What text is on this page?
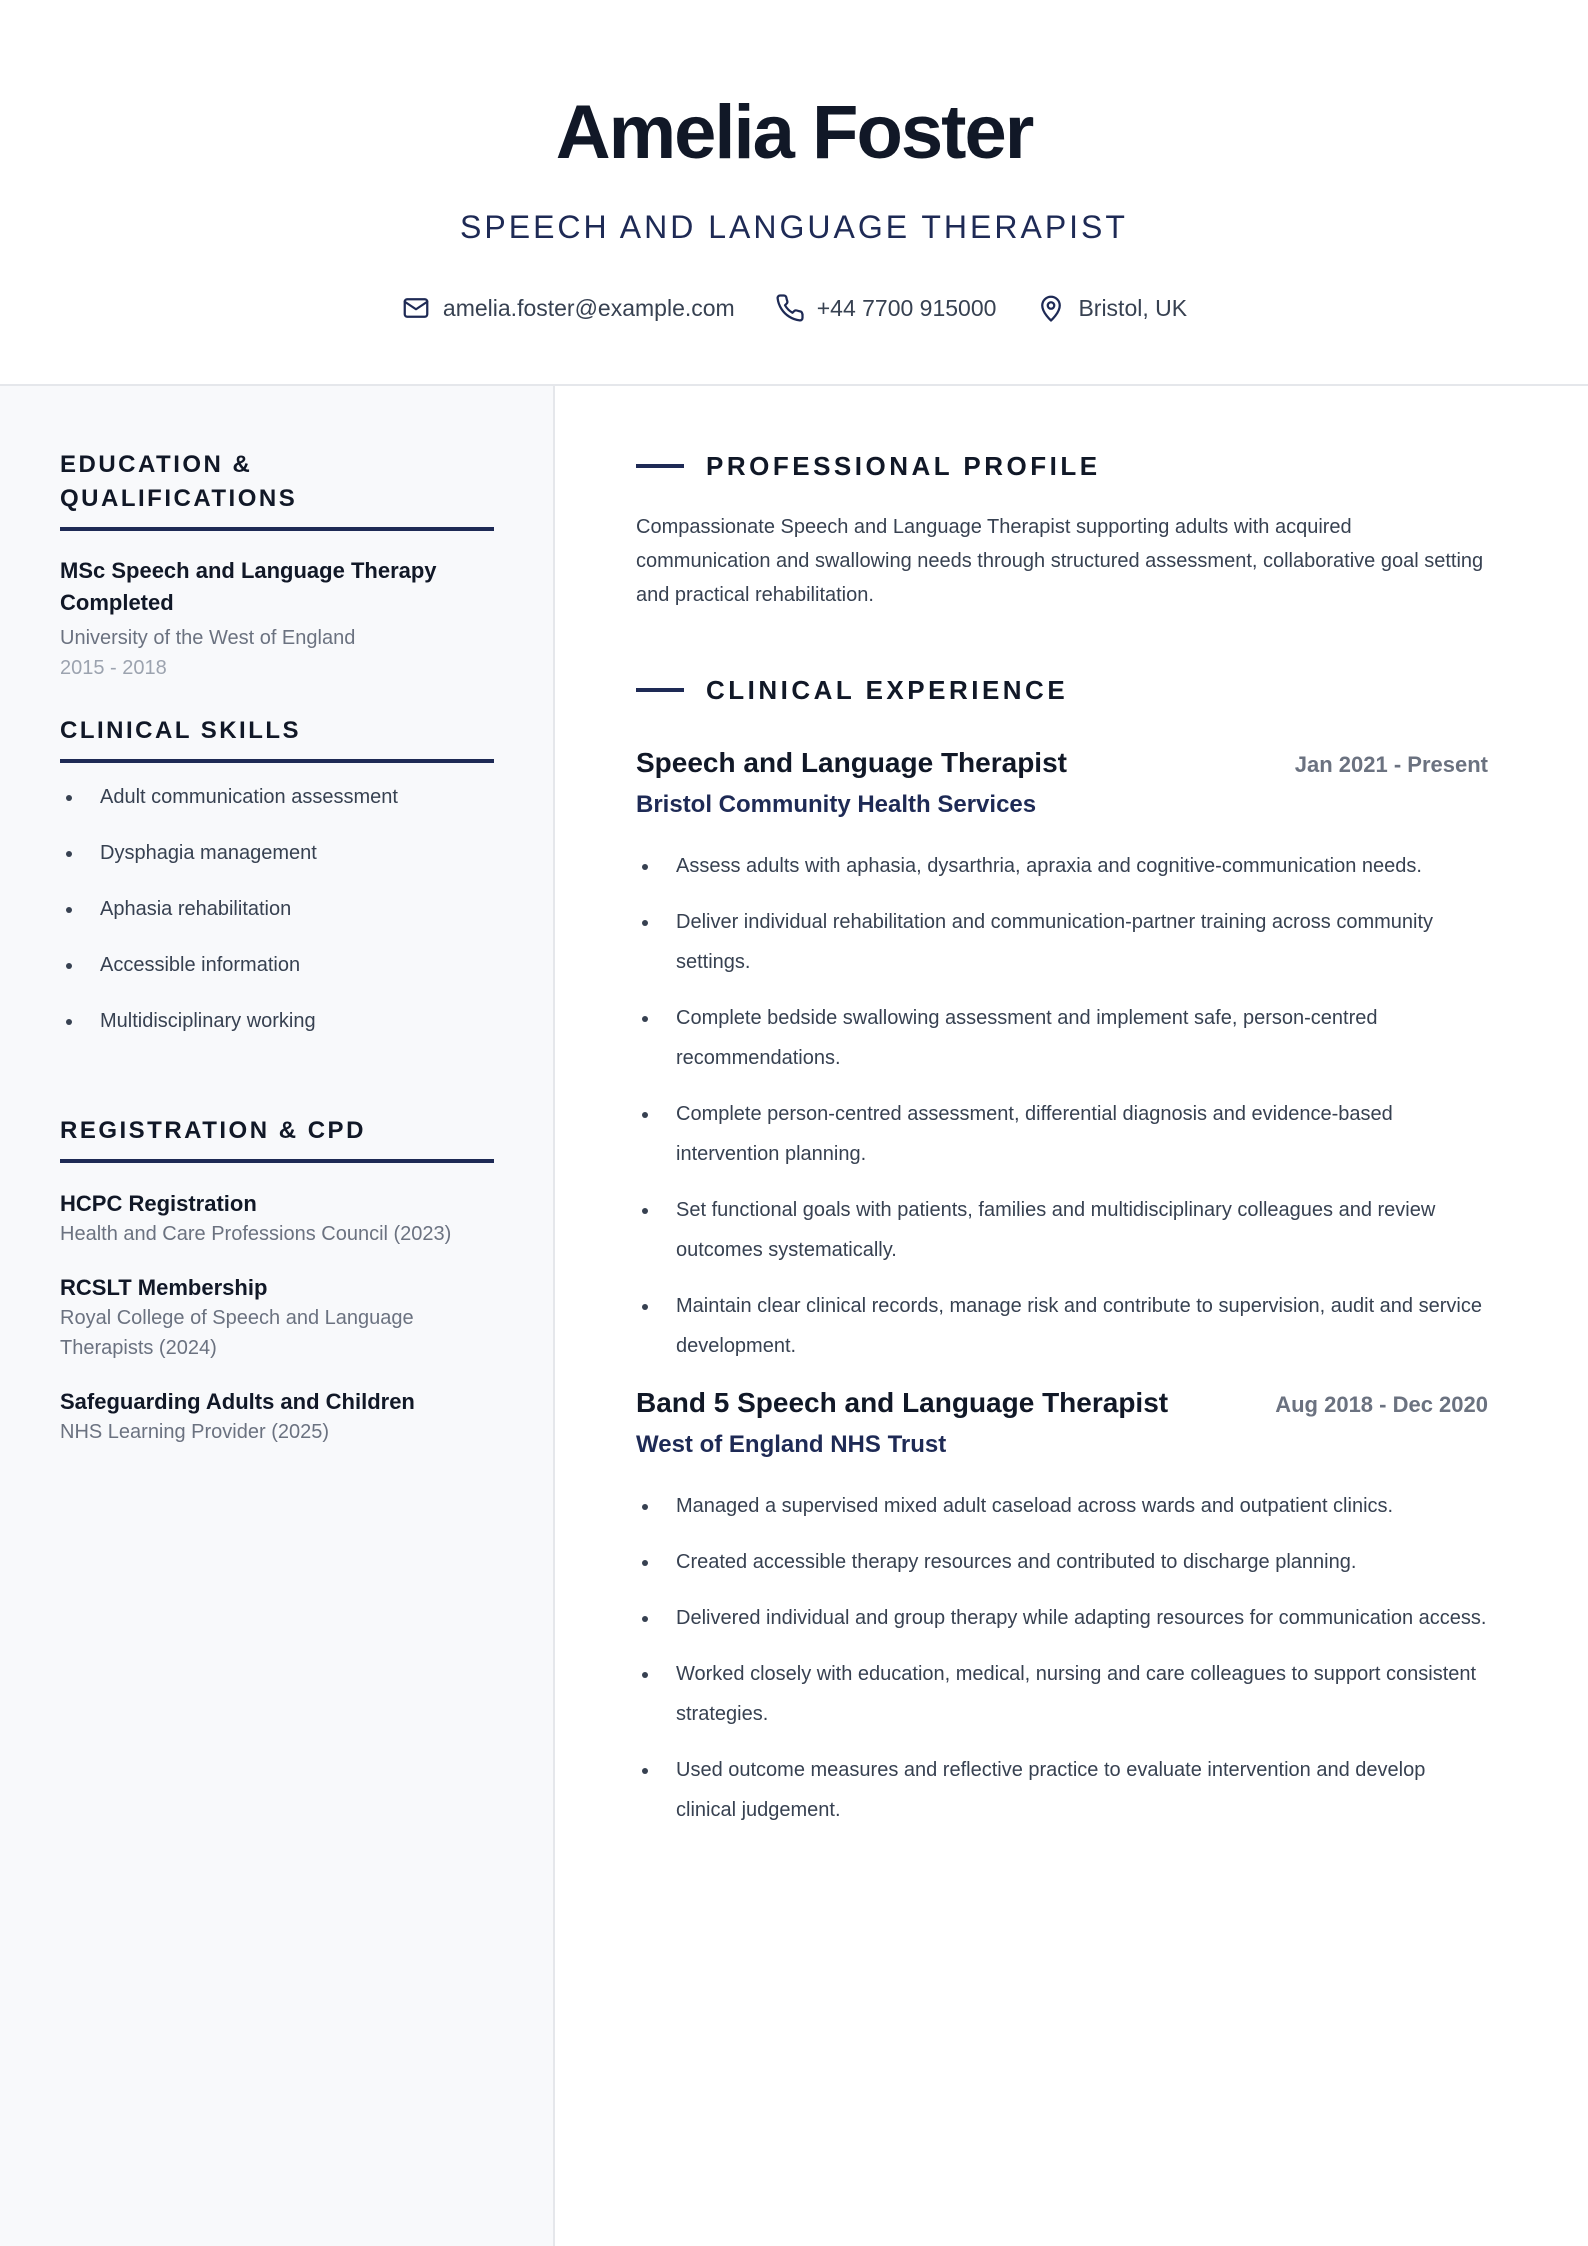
Amelia Foster
SPEECH AND LANGUAGE THERAPIST
amelia.foster@example.com	+44 7700 915000	Bristol, UK
EDUCATION & QUALIFICATIONS
MSc Speech and Language Therapy Completed
University of the West of England
2015 - 2018
CLINICAL SKILLS
Adult communication assessment
Dysphagia management
Aphasia rehabilitation
Accessible information
Multidisciplinary working
REGISTRATION & CPD
HCPC Registration
Health and Care Professions Council (2023)
RCSLT Membership
Royal College of Speech and Language Therapists (2024)
Safeguarding Adults and Children
NHS Learning Provider (2025)
PROFESSIONAL PROFILE
Compassionate Speech and Language Therapist supporting adults with acquired communication and swallowing needs through structured assessment, collaborative goal setting and practical rehabilitation.
CLINICAL EXPERIENCE
Speech and Language Therapist	Jan 2021 - Present
Bristol Community Health Services
Assess adults with aphasia, dysarthria, apraxia and cognitive-communication needs.
Deliver individual rehabilitation and communication-partner training across community settings.
Complete bedside swallowing assessment and implement safe, person-centred recommendations.
Complete person-centred assessment, differential diagnosis and evidence-based intervention planning.
Set functional goals with patients, families and multidisciplinary colleagues and review outcomes systematically.
Maintain clear clinical records, manage risk and contribute to supervision, audit and service development.
Band 5 Speech and Language Therapist	Aug 2018 - Dec 2020
West of England NHS Trust
Managed a supervised mixed adult caseload across wards and outpatient clinics.
Created accessible therapy resources and contributed to discharge planning.
Delivered individual and group therapy while adapting resources for communication access.
Worked closely with education, medical, nursing and care colleagues to support consistent strategies.
Used outcome measures and reflective practice to evaluate intervention and develop clinical judgement.
